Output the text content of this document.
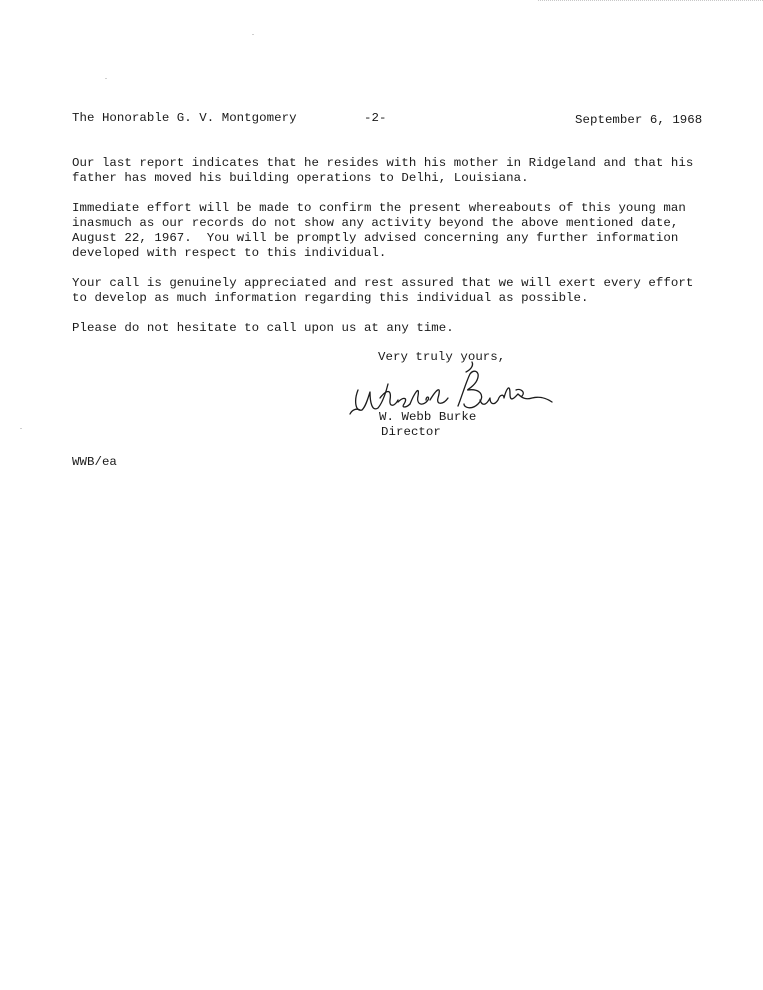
The Honorable G. V. Montgomery	-2-	September 6, 1968
Our last report indicates that he resides with his mother in Ridgeland and that his
father has moved his building operations to Delhi, Louisiana.
Immediate effort will be made to confirm the present whereabouts of this young man
inasmuch as our records do not show any activity beyond the above mentioned date,
August 22, 1967.  You will be promptly advised concerning any further information
developed with respect to this individual.
Your call is genuinely appreciated and rest assured that we will exert every effort
to develop as much information regarding this individual as possible.
Please do not hesitate to call upon us at any time.
Very truly yours,
W. Webb Burke
Director
WWB/ea
